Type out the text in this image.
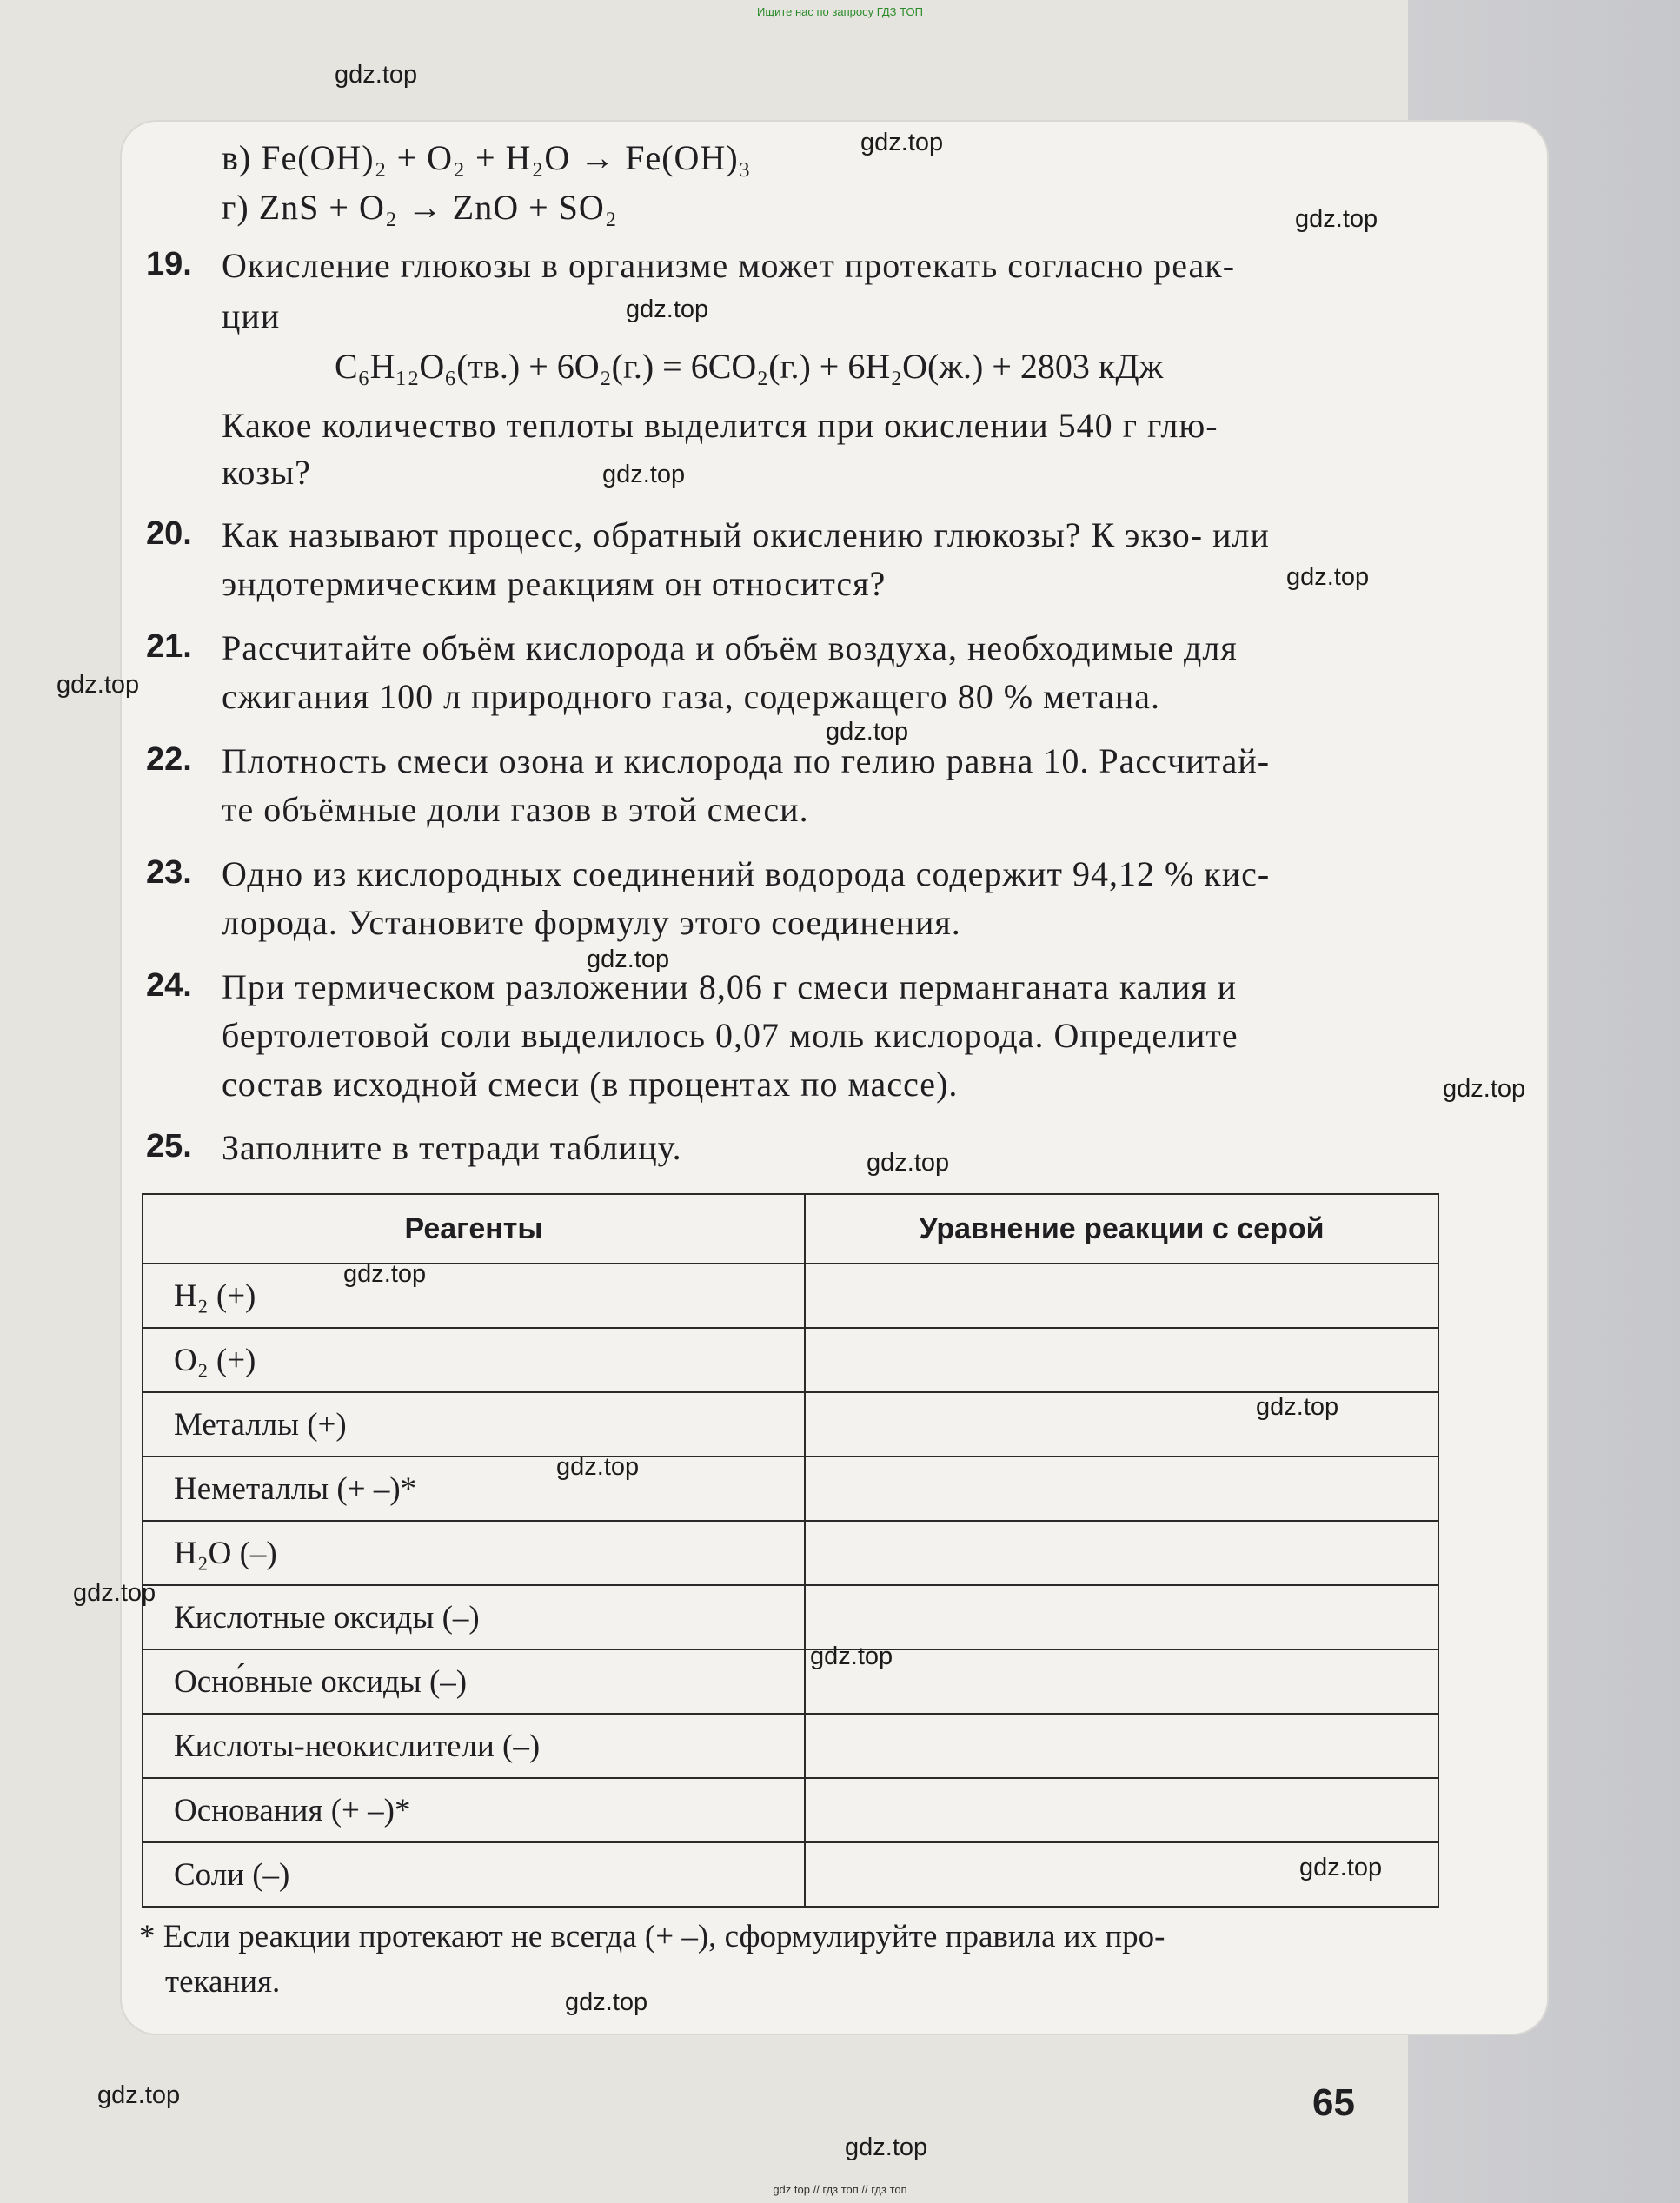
Ищите нас по запросу ГДЗ ТОП
в) Fe(OH)₂ + O₂ + H₂O → Fe(OH)₃
г) ZnS + O₂ → ZnO + SO₂
19. Окисление глюкозы в организме может протекать согласно реак-
ции
C₆H₁₂O₆(тв.) + 6O₂(г.) = 6CO₂(г.) + 6H₂O(ж.) + 2803 кДж
Какое количество теплоты выделится при окислении 540 г глю-
козы?
20. Как называют процесс, обратный окислению глюкозы? К экзо- или
эндотермическим реакциям он относится?
21. Рассчитайте объём кислорода и объём воздуха, необходимые для
сжигания 100 л природного газа, содержащего 80 % метана.
22. Плотность смеси озона и кислорода по гелию равна 10. Рассчитай-
те объёмные доли газов в этой смеси.
23. Одно из кислородных соединений водорода содержит 94,12 % кис-
лорода. Установите формулу этого соединения.
24. При термическом разложении 8,06 г смеси перманганата калия и
бертолетовой соли выделилось 0,07 моль кислорода. Определите
состав исходной смеси (в процентах по массе).
25. Заполните в тетради таблицу.
Реагенты	Уравнение реакции с серой
H₂ (+)	
O₂ (+)	
Металлы (+)	
Неметаллы (+ –)*	
H₂O (–)	
Кислотные оксиды (–)	
Осно́вные оксиды (–)	
Кислоты-неокислители (–)	
Основания (+ –)*	
Соли (–)	
* Если реакции протекают не всегда (+ –), сформулируйте правила их про-
текания.
65
gdz.top
gdz.top
gdz.top
gdz.top
gdz.top
gdz.top
gdz.top
gdz.top
gdz.top
gdz.top
gdz.top
gdz.top
gdz.top
gdz.top
gdz.top
gdz.top
gdz.top
gdz.top
gdz.top
gdz.top
gdz top // гдз топ // гдз топ
